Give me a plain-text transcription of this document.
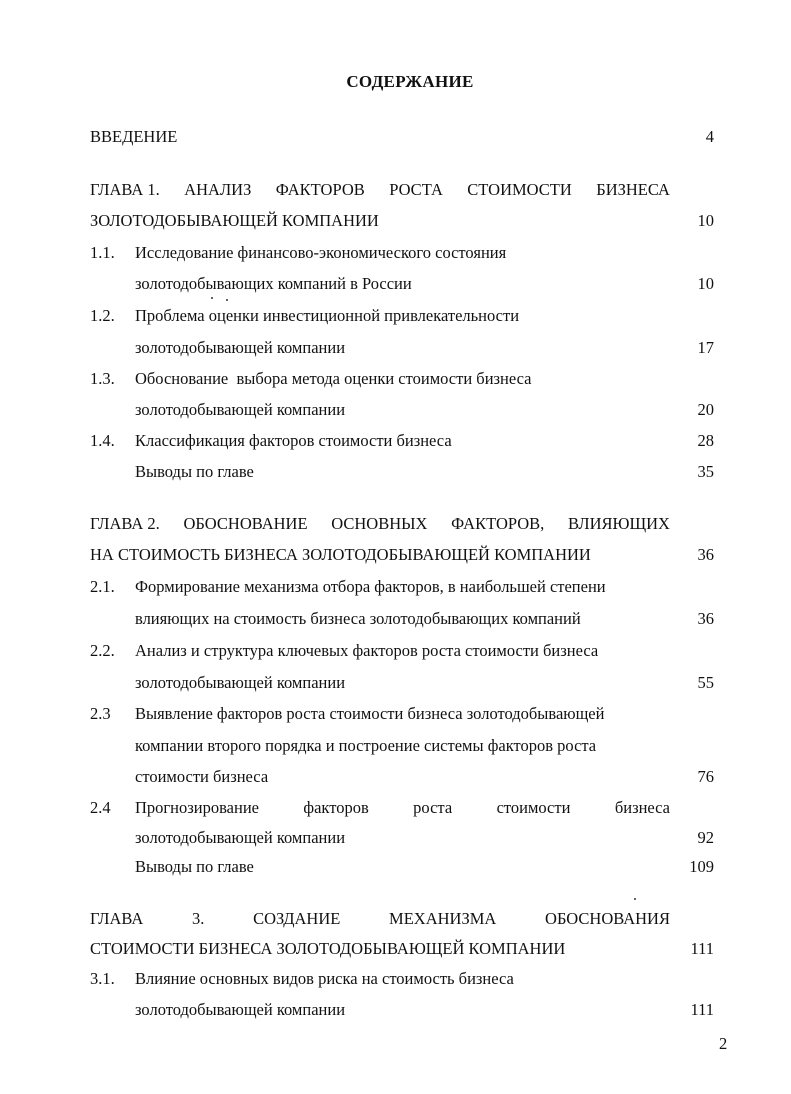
СОДЕРЖАНИЕ
ВВЕДЕНИЕ	4
ГЛАВА 1. АНАЛИЗ ФАКТОРОВ РОСТА СТОИМОСТИ БИЗНЕСА
ЗОЛОТОДОБЫВАЮЩЕЙ КОМПАНИИ	10
1.1. Исследование финансово-экономического состояния
золотодобывающих компаний в России	10
1.2. Проблема оценки инвестиционной привлекательности
золотодобывающей компании	17
1.3. Обоснование  выбора метода оценки стоимости бизнеса
золотодобывающей компании	20
1.4. Классификация факторов стоимости бизнеса	28
Выводы по главе	35
ГЛАВА 2. ОБОСНОВАНИЕ ОСНОВНЫХ ФАКТОРОВ, ВЛИЯЮЩИХ
НА СТОИМОСТЬ БИЗНЕСА ЗОЛОТОДОБЫВАЮЩЕЙ КОМПАНИИ	36
2.1. Формирование механизма отбора факторов, в наибольшей степени
влияющих на стоимость бизнеса золотодобывающих компаний	36
2.2. Анализ и структура ключевых факторов роста стоимости бизнеса
золотодобывающей компании	55
2.3 Выявление факторов роста стоимости бизнеса золотодобывающей
компании второго порядка и построение системы факторов роста
стоимости бизнеса	76
2.4 Прогнозирование	факторов	роста	стоимости	бизнеса
золотодобывающей компании	92
Выводы по главе	109
ГЛАВА	3.	СОЗДАНИЕ	МЕХАНИЗМА	ОБОСНОВАНИЯ
СТОИМОСТИ БИЗНЕСА ЗОЛОТОДОБЫВАЮЩЕЙ КОМПАНИИ	111
3.1. Влияние основных видов риска на стоимость бизнеса
золотодобывающей компании	111
2
